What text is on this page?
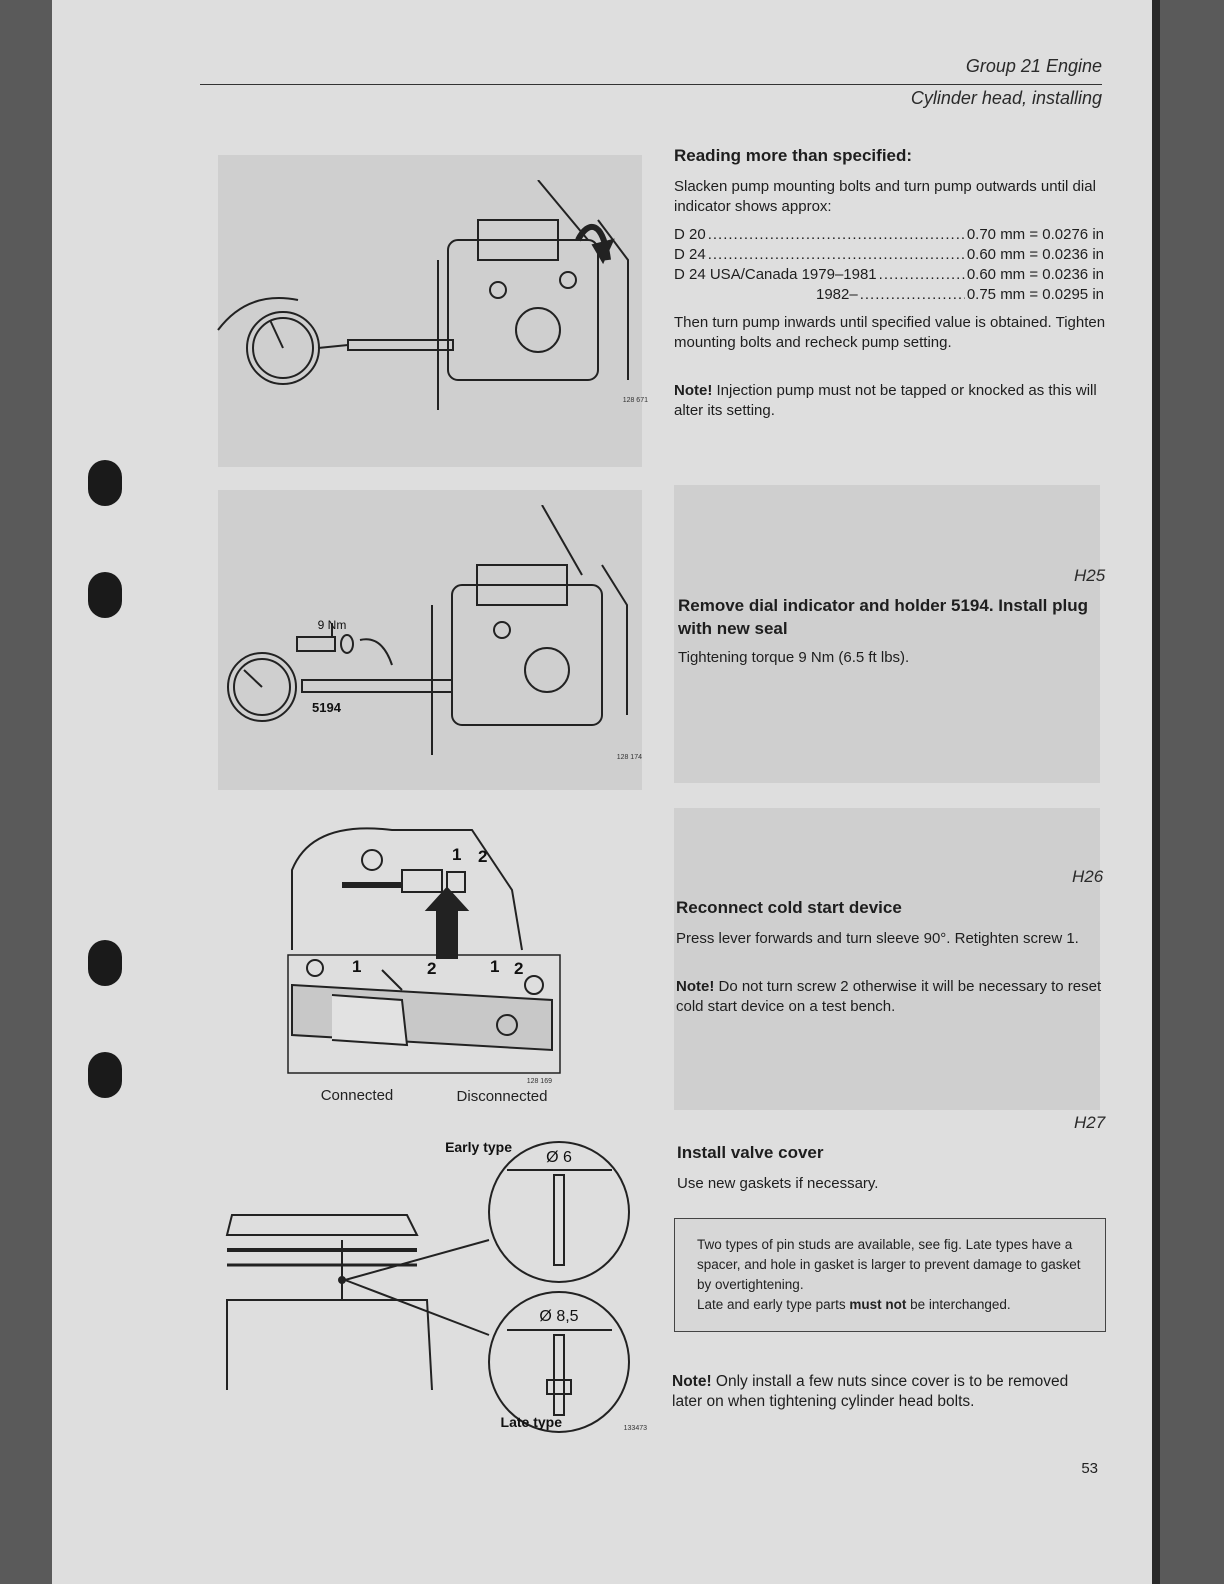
Group 21 Engine
Cylinder head, installing
Reading more than specified:
Slacken pump mounting bolts and turn pump outwards until dial indicator shows approx:
D 20 .....	0.70 mm = 0.0276 in
D 24 .....	0.60 mm = 0.0236 in
D 24 USA/Canada 1979–1981 .....	0.60 mm = 0.0236 in
1982– .....	0.75 mm = 0.0295 in
Then turn pump inwards until specified value is obtained. Tighten mounting bolts and recheck pump setting.
Note! Injection pump must not be tapped or knocked as this will alter its setting.
H25
Remove dial indicator and holder 5194. Install plug with new seal
Tightening torque 9 Nm (6.5 ft lbs).
H26
Reconnect cold start device
Press lever forwards and turn sleeve 90°. Retighten screw 1.
Note! Do not turn screw 2 otherwise it will be necessary to reset cold start device on a test bench.
H27
Install valve cover
Use new gaskets if necessary.
Two types of pin studs are available, see fig. Late types have a spacer, and hole in gasket is larger to prevent damage to gasket by overtightening.
Late and early type parts must not be interchanged.
Note! Only install a few nuts since cover is to be removed later on when tightening cylinder head bolts.
53
128 671
9 Nm
5194
128 174
1	2	1 2
1 2
128 169
Connected	Disconnected
Early type
Ø 6
Ø 8,5
Late type	133473
